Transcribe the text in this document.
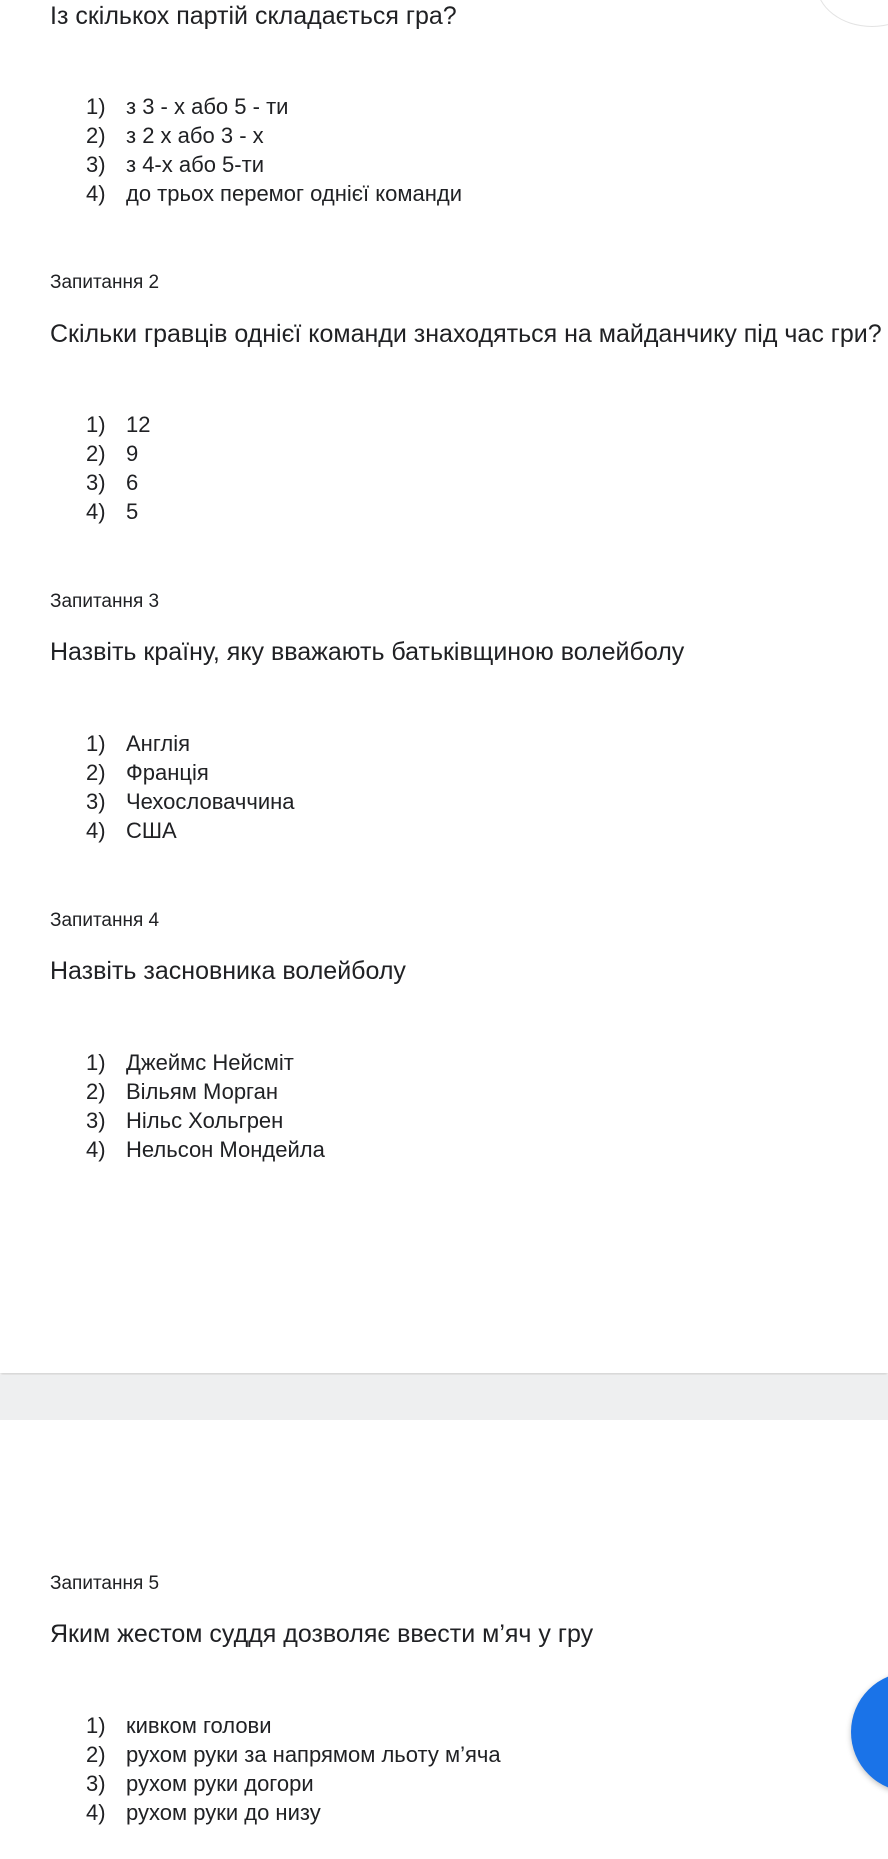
Із скількох партій складається гра?
1) з 3 - х або 5 - ти
2) з 2 х або 3 - х
3) з 4-х або 5-ти
4) до трьох перемог однієї команди
Запитання 2
Скільки гравців однієї команди знаходяться на майданчику під час гри?
1) 12
2) 9
3) 6
4) 5
Запитання 3
Назвіть країну, яку вважають батьківщиною волейболу
1) Англія
2) Франція
3) Чехословаччина
4) США
Запитання 4
Назвіть засновника волейболу
1) Джеймс Нейсміт
2) Вільям Морган
3) Нільс Хольгрен
4) Нельсон Мондейла
Запитання 5
Яким жестом суддя дозволяє ввести м’яч у гру
1) кивком голови
2) рухом руки за напрямом льоту м’яча
3) рухом руки догори
4) рухом руки до низу
